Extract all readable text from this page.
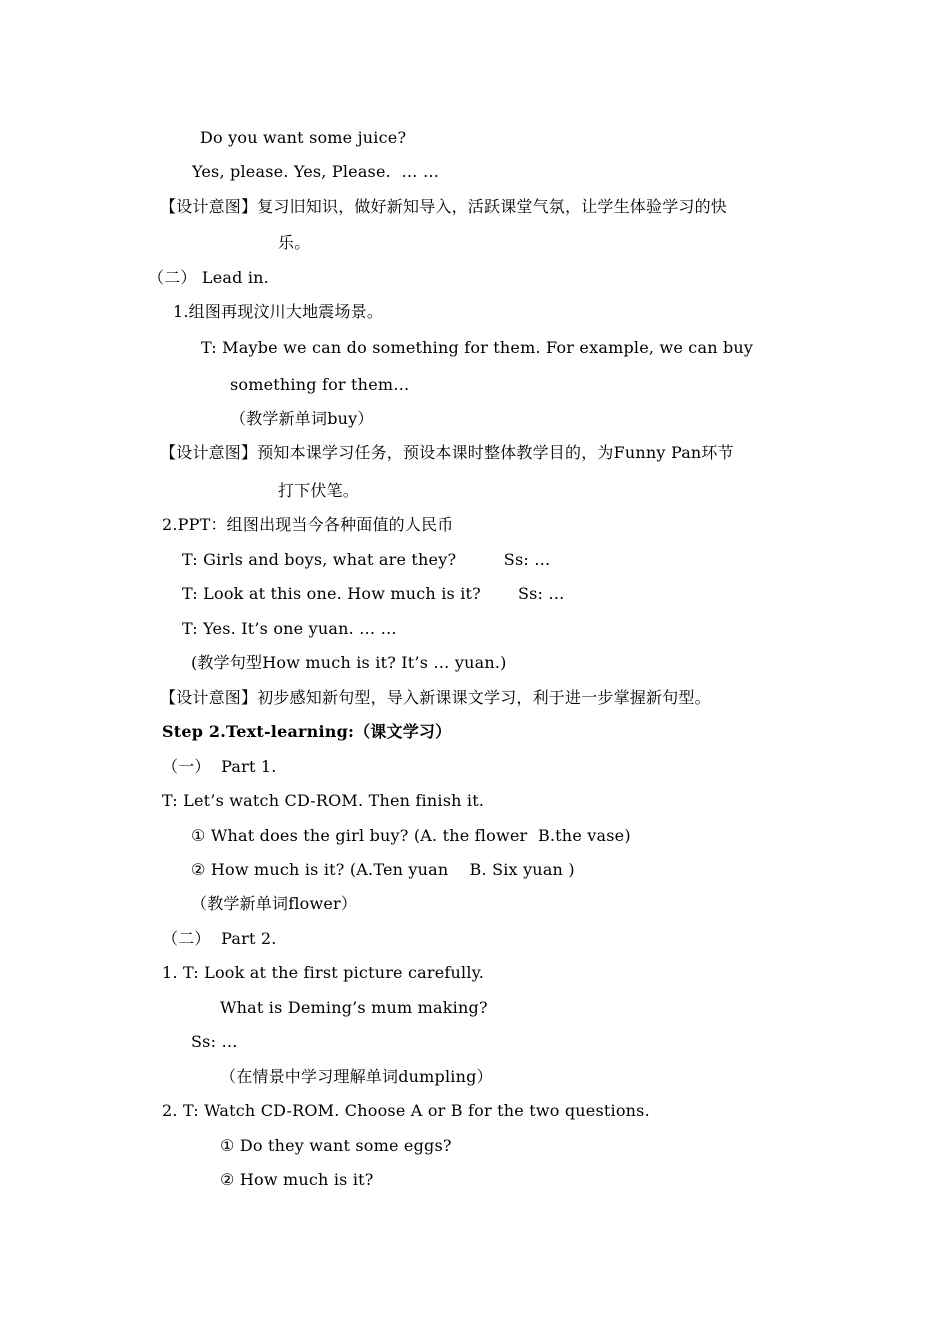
Do you want some juice?
Yes, please. Yes, Please.  … …
【设计意图】复习旧知识，做好新知导入，活跃课堂气氛，让学生体验学习的快
乐。
（二） Lead in.
1.组图再现汶川大地震场景。
T: Maybe we can do something for them. For example, we can buy
something for them…
（教学新单词buy）
【设计意图】预知本课学习任务，预设本课时整体教学目的，为Funny Pan环节
打下伏笔。
2.PPT：组图出现当今各种面值的人民币
T: Girls and boys, what are they?         Ss: …
T: Look at this one. How much is it?       Ss: …
T: Yes. It’s one yuan. … …
(教学句型How much is it? It’s … yuan.)
【设计意图】初步感知新句型，导入新课课文学习，利于进一步掌握新句型。
Step 2.Text-learning:（课文学习）
（一）  Part 1.
T: Let’s watch CD-ROM. Then finish it.
① What does the girl buy? (A. the flower  B.the vase)
② How much is it? (A.Ten yuan    B. Six yuan )
（教学新单词flower）
（二）  Part 2.
1. T: Look at the first picture carefully.
What is Deming’s mum making?
Ss: …
（在情景中学习理解单词dumpling）
2. T: Watch CD-ROM. Choose A or B for the two questions.
① Do they want some eggs?
② How much is it?
